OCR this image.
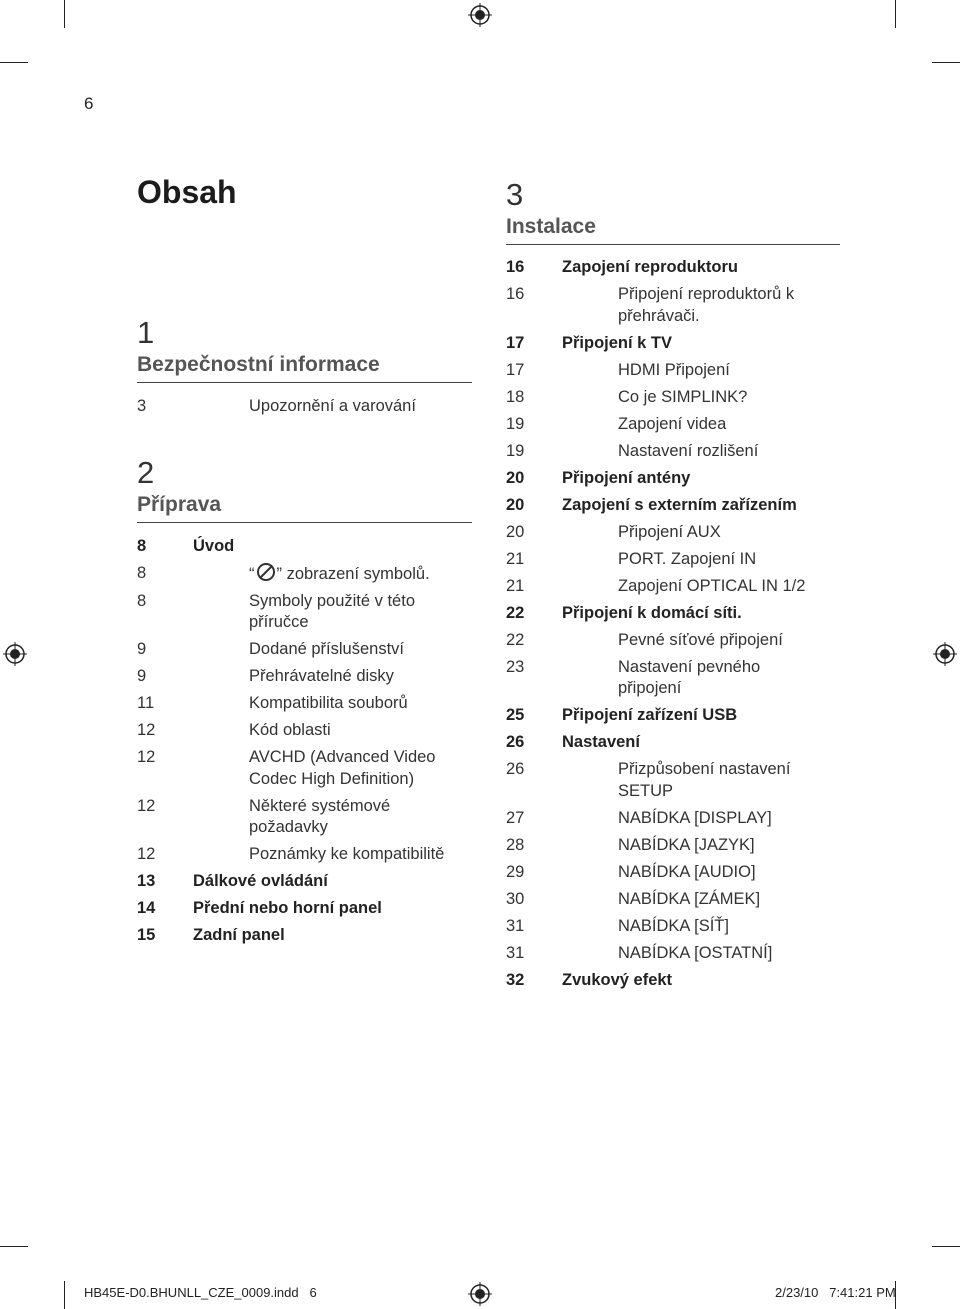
6
Obsah
1
Bezpečnostní informace
3	Upozornění a varování
2
Příprava
8	Úvod
8	“ ” zobrazení symbolů.
8	Symboly použité v této příručce
9	Dodané příslušenství
9	Přehrávatelné disky
11	Kompatibilita souborů
12	Kód oblasti
12	AVCHD (Advanced Video Codec High Definition)
12	Některé systémové požadavky
12	Poznámky ke kompatibilitě
13 Dálkové ovládání
14 Přední nebo horní panel
15 Zadní panel
3
Instalace
16 Zapojení reproduktoru
16	Připojení reproduktorů k přehrávači.
17 Připojení k TV
17	HDMI Připojení
18	Co je SIMPLINK?
19	Zapojení videa
19	Nastavení rozlišení
20 Připojení antény
20 Zapojení s externím zařízením
20	Připojení AUX
21	PORT. Zapojení IN
21	Zapojení OPTICAL IN 1/2
22 Připojení k domácí síti.
22	Pevné síťové připojení
23	Nastavení pevného připojení
25 Připojení zařízení USB
26 Nastavení
26	Přizpůsobení nastavení SETUP
27	NABÍDKA [DISPLAY]
28	NABÍDKA [JAZYK]
29	NABÍDKA [AUDIO]
30	NABÍDKA [ZÁMEK]
31	NABÍDKA [SÍŤ]
31	NABÍDKA [OSTATNÍ]
32 Zvukový efekt
HB45E-D0.BHUNLL_CZE_0009.indd   6	2/23/10   7:41:21 PM
